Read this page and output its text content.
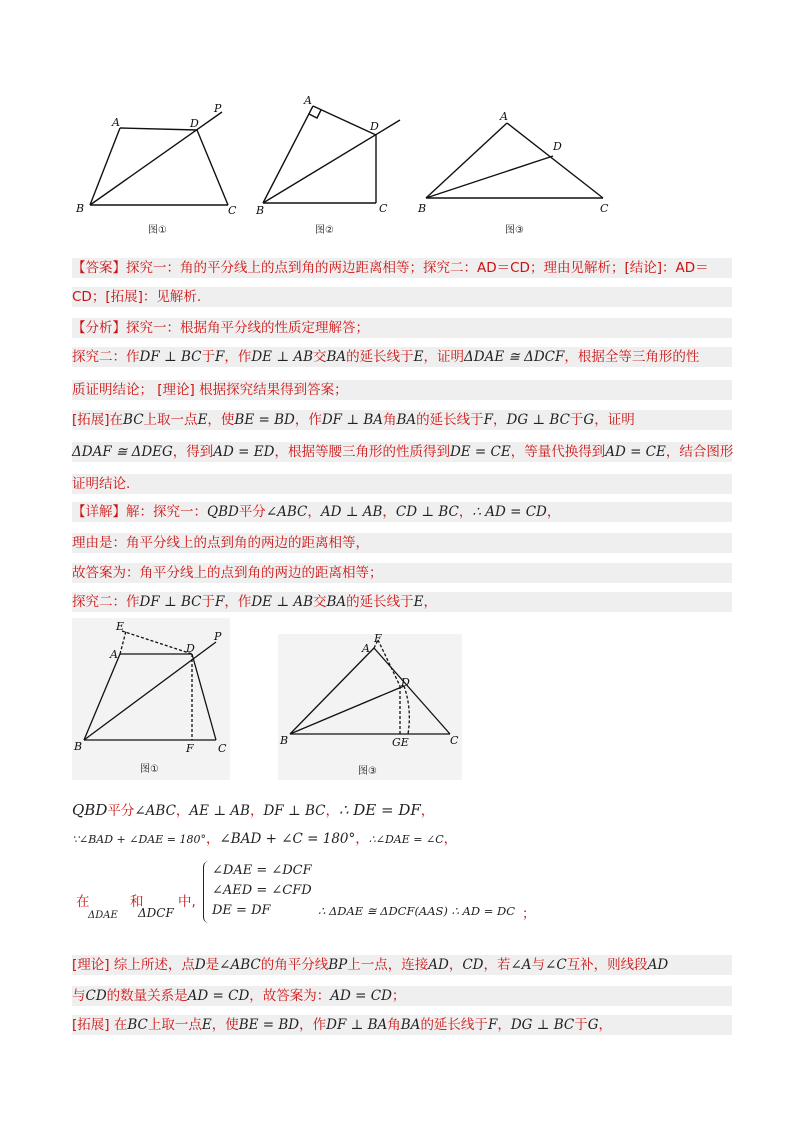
A
B	C
D
P
图①
A
B	C
D
图②
A
B	C
D
图③
【答案】探究一：角的平分线上的点到角的两边距离相等；探究二：AD＝CD；理由见解析；[结论]：AD＝
CD；[拓展]：见解析.
【分析】探究一：根据角平分线的性质定理解答；
探究二：作DF ⊥ BC于F，作DE ⊥ AB交BA的延长线于E，证明ΔDAE ≅ ΔDCF，根据全等三角形的性
质证明结论； [理论] 根据探究结果得到答案；
[拓展]在BC上取一点E，使BE = BD，作DF ⊥ BA角BA的延长线于F，DG ⊥ BC于G，证明
ΔDAF ≅ ΔDEG，得到AD = ED，根据等腰三角形的性质得到DE = CE，等量代换得到AD = CE，结合图形
证明结论.
【详解】解：探究一：QBD平分∠ABC，AD ⊥ AB，CD ⊥ BC，∴ AD = CD，
理由是：角平分线上的点到角的两边的距离相等，
故答案为：角平分线上的点到角的两边的距离相等；
探究二：作DF ⊥ BC于F，作DE ⊥ AB交BA的延长线于E，
E
A	D
P
B	F C
图①
F
A
D
B	GE	C
图③
QBD平分∠ABC，AE ⊥ AB，DF ⊥ BC，∴ DE = DF，
∵∠BAD + ∠DAE = 180°，∠BAD + ∠C = 180°，∴∠DAE = ∠C，
∠DAE = ∠DCF
∠AED = ∠CFD
DE = DF
在	和	中,
ΔDAE ΔDCF	∴ ΔDAE ≅ ΔDCF(AAS) ∴ AD = DC ；
[理论] 综上所述，点D是∠ABC的角平分线BP上一点，连接AD，CD，若∠A与∠C互补，则线段AD
与CD的数量关系是AD = CD，故答案为：AD = CD；
[拓展] 在BC上取一点E，使BE = BD，作DF ⊥ BA角BA的延长线于F，DG ⊥ BC于G，
